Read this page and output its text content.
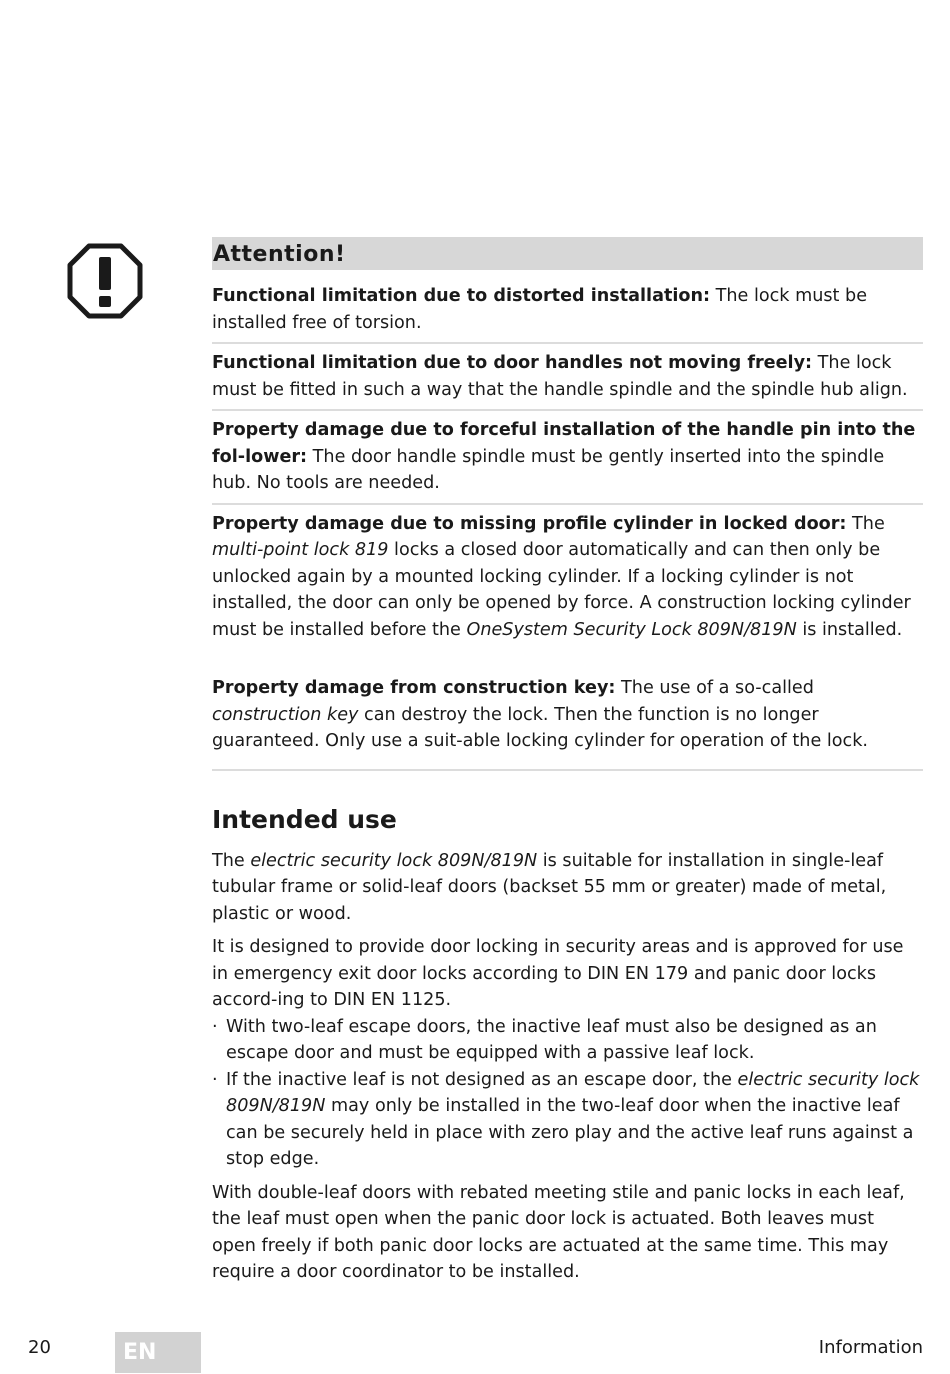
Attention!
Functional limitation due to distorted installation: The lock must be installed free of torsion.
Functional limitation due to door handles not moving freely: The lock must be fitted in such a way that the handle spindle and the spindle hub align.
Property damage due to forceful installation of the handle pin into the fol-lower: The door handle spindle must be gently inserted into the spindle hub. No tools are needed.
Property damage due to missing profile cylinder in locked door: The multi-point lock 819 locks a closed door automatically and can then only be unlocked again by a mounted locking cylinder. If a locking cylinder is not installed, the door can only be opened by force. A construction locking cylinder must be installed before the OneSystem Security Lock 809N/819N is installed.
Property damage from construction key: The use of a so-called construction key can destroy the lock. Then the function is no longer guaranteed. Only use a suit-able locking cylinder for operation of the lock.
Intended use
The electric security lock 809N/819N is suitable for installation in single-leaf tubular frame or solid-leaf doors (backset 55 mm or greater) made of metal, plastic or wood.
It is designed to provide door locking in security areas and is approved for use in emergency exit door locks according to DIN EN 179 and panic door locks accord-ing to DIN EN 1125.
· With two-leaf escape doors, the inactive leaf must also be designed as an escape door and must be equipped with a passive leaf lock.
· If the inactive leaf is not designed as an escape door, the electric security lock 809N/819N may only be installed in the two-leaf door when the inactive leaf can be securely held in place with zero play and the active leaf runs against a stop edge.
With double-leaf doors with rebated meeting stile and panic locks in each leaf, the leaf must open when the panic door lock is actuated. Both leaves must open freely if both panic door locks are actuated at the same time. This may require a door coordinator to be installed.
20	EN	Information
